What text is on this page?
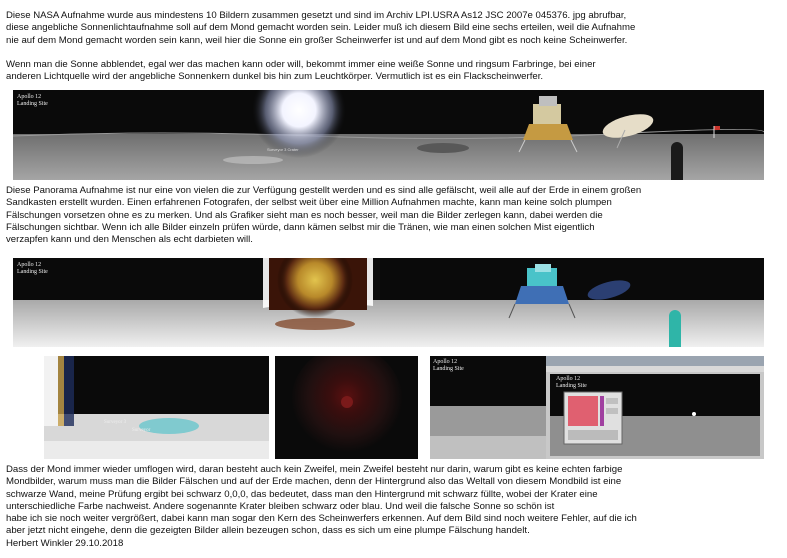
Diese NASA Aufnahme wurde aus mindestens 10 Bildern zusammen gesetzt und sind im Archiv LPI.USRA As12 JSC 2007e 045376. jpg abrufbar,
diese angebliche Sonnenlichtaufnahme soll auf dem Mond gemacht worden sein. Leider muß ich diesem Bild eine sechs erteilen, weil die Aufnahme
nie auf dem Mond gemacht worden sein kann, weil hier die Sonne ein großer Scheinwerfer ist und auf dem Mond gibt es noch keine Scheinwerfer.

Wenn man die Sonne abblendet, egal wer das machen kann oder will, bekommt immer eine weiße Sonne und ringsum Farbringe, bei einer
anderen Lichtquelle wird der angebliche Sonnenkern dunkel bis hin zum Leuchtkörper. Vermutlich ist es ein Flackscheinwerfer.

Apollo 12
Landing Site
Surveyor 3 Crater

Diese Panorama Aufnahme ist nur eine von vielen die zur Verfügung gestellt werden und es sind alle gefälscht, weil alle auf der Erde in einem großen
Sandkasten erstellt wurden. Einen erfahrenen Fotografen, der selbst weit über eine Million Aufnahmen machte, kann man keine solch plumpen
Fälschungen vorsetzen ohne es zu merken. Und als Grafiker sieht man es noch besser, weil man die Bilder zerlegen kann, dabei werden die
Fälschungen sichtbar. Wenn ich alle Bilder einzeln prüfen würde, dann kämen selbst mir die Tränen, wie man einen solchen Mist eigentlich
verzapfen kann und den Menschen als echt darbieten will.

Apollo 12
Landing Site
Surveyor 3
Surveyor
Apollo 12
Landing Site
Apollo 12
Landing Site

Dass der Mond immer wieder umflogen wird, daran besteht auch kein Zweifel, mein Zweifel besteht nur darin, warum gibt es keine echten farbige
Mondbilder, warum muss man die Bilder Fälschen und auf der Erde machen, denn der Hintergrund also das Weltall von diesem Mondbild ist eine
schwarze Wand, meine Prüfung ergibt bei schwarz 0,0,0, das bedeutet, dass man den Hintergrund mit schwarz füllte, wobei der Krater eine
unterschiedliche Farbe nachweist. Andere sogenannte Krater bleiben schwarz oder blau. Und weil die falsche Sonne so schön ist
habe ich sie noch weiter vergrößert, dabei kann man sogar den Kern des Scheinwerfers erkennen. Auf dem Bild sind noch weitere Fehler, auf die ich
aber jetzt nicht eingehe, denn die gezeigten Bilder allein bezeugen schon, dass es sich um eine plumpe Fälschung handelt.

Herbert Winkler 29.10.2018
